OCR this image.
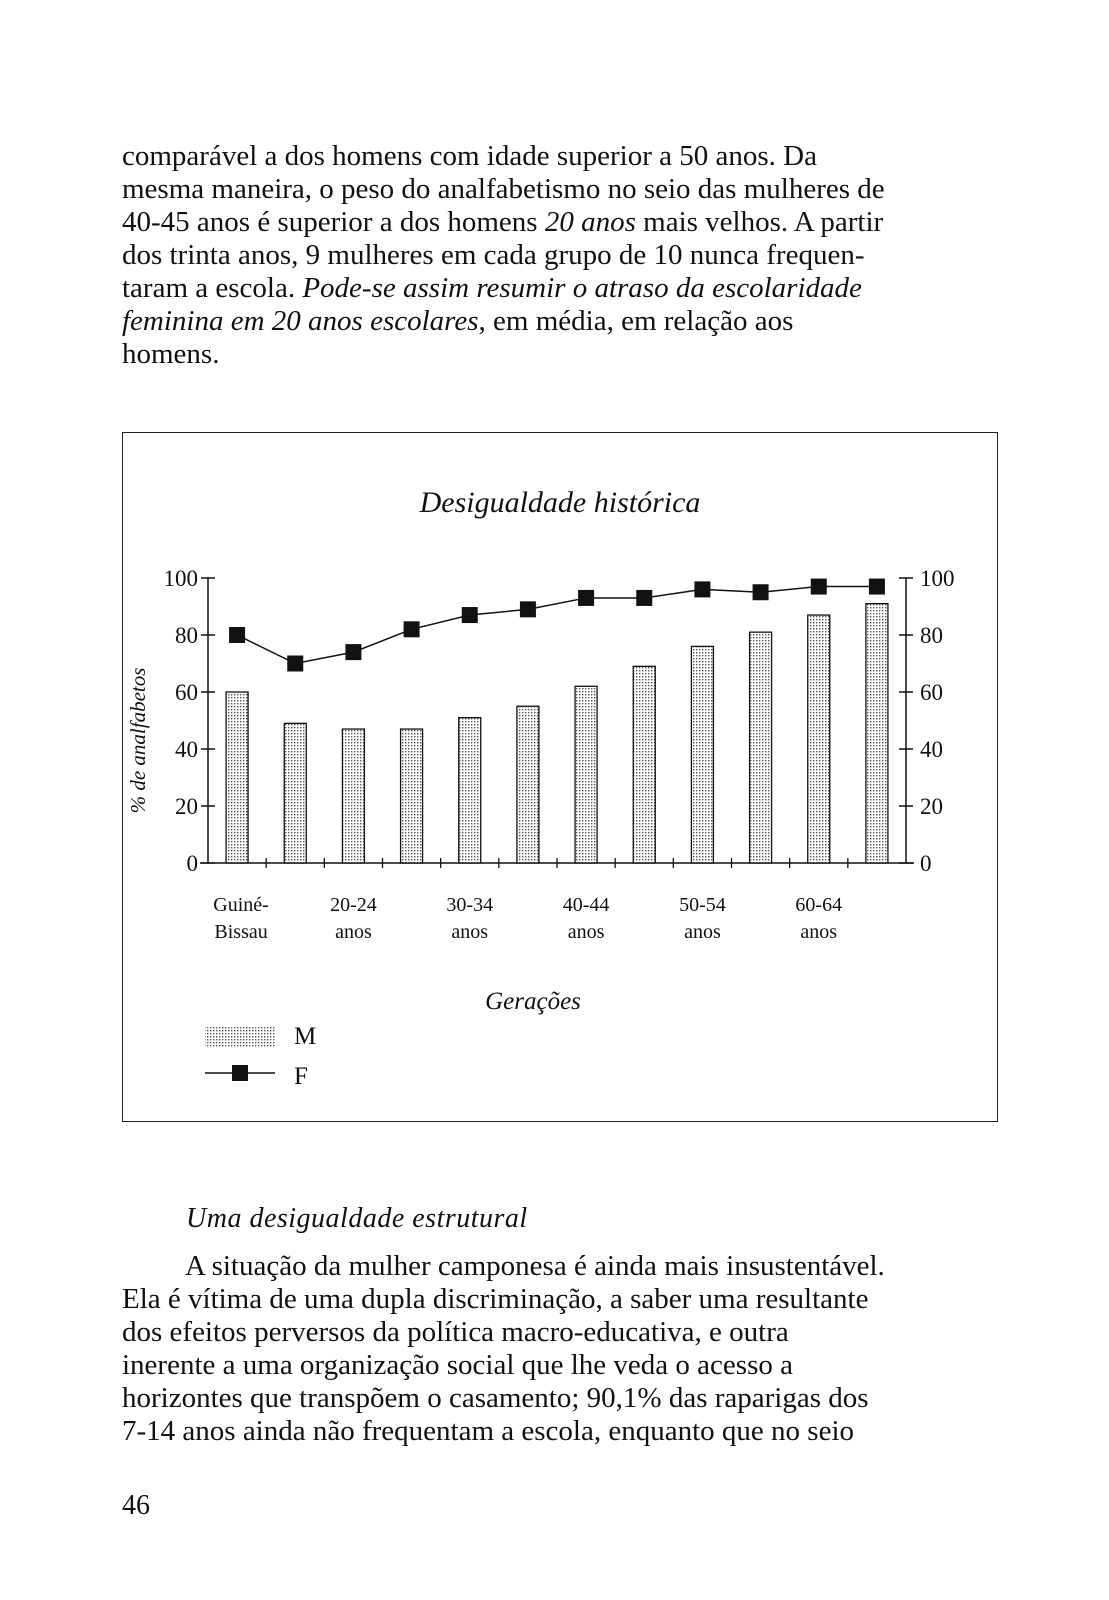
comparável a dos homens com idade superior a 50 anos. Da
mesma maneira, o peso do analfabetismo no seio das mulheres de
40-45 anos é superior a dos homens 20 anos mais velhos. A partir
dos trinta anos, 9 mulheres em cada grupo de 10 nunca frequen-
taram a escola. Pode-se assim resumir o atraso da escolaridade
feminina em 20 anos escolares, em média, em relação aos
homens.
Desigualdade histórica
0	0
20	20
40	40
60	60
80	80
100	100
% de analfabetos
Guiné-
Bissau
20-24
anos
30-34
anos
40-44
anos
50-54
anos
60-64
anos
Gerações
M
F
Uma desigualdade estrutural
A situação da mulher camponesa é ainda mais insustentável.
Ela é vítima de uma dupla discriminação, a saber uma resultante
dos efeitos perversos da política macro-educativa, e outra
inerente a uma organização social que lhe veda o acesso a
horizontes que transpõem o casamento; 90,1% das raparigas dos
7-14 anos ainda não frequentam a escola, enquanto que no seio
46
